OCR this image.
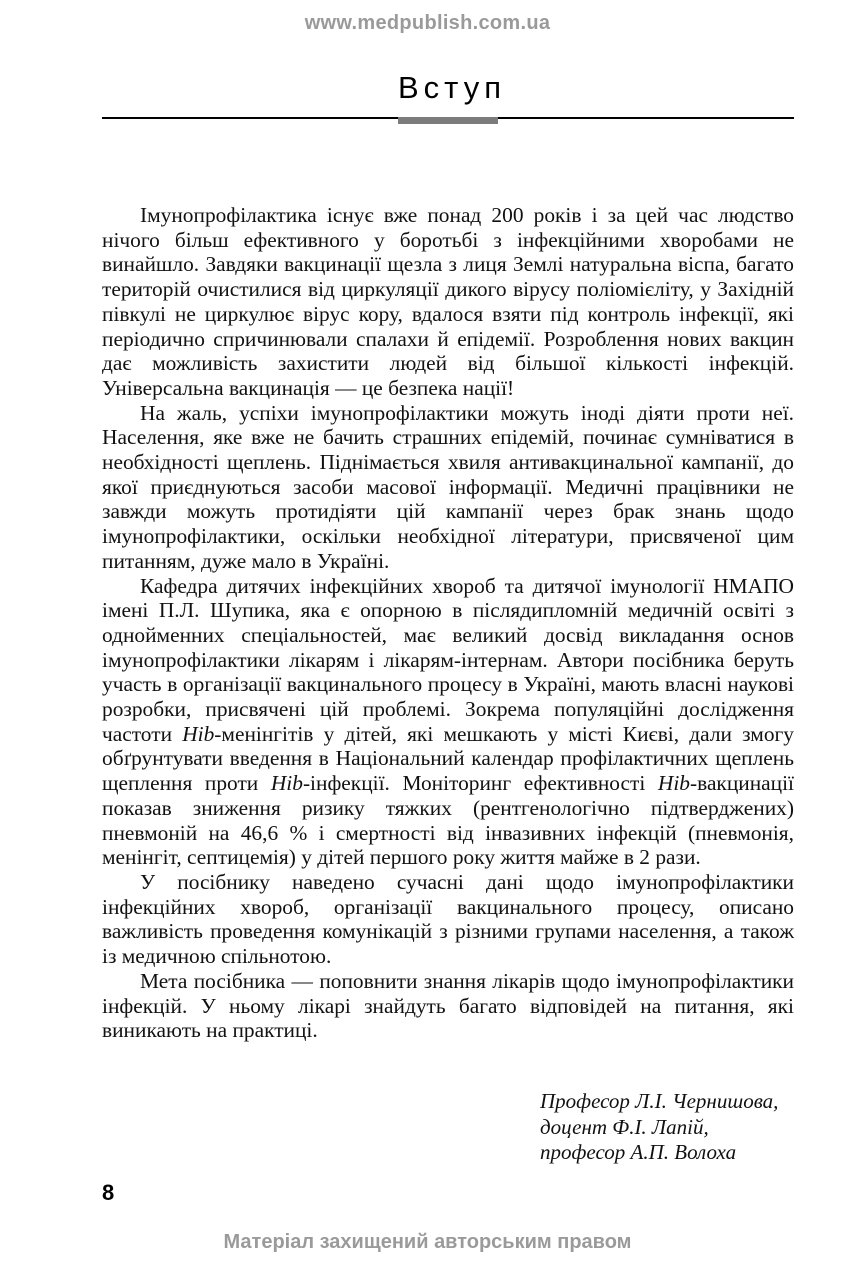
www.medpublish.com.ua
Вступ

Імунопрофілактика існує вже понад 200 років і за цей час людство нічого більш ефективного у боротьбі з інфекційними хворобами не винайшло. Завдяки вакцинації щезла з лиця Землі натуральна віспа, багато територій очистилися від циркуляції дикого вірусу поліомієліту, у Західній півкулі не циркулює вірус кору, вдалося взяти під контроль інфекції, які періодично спричинювали спалахи й епідемії. Розроблення нових вакцин дає можливість захистити людей від більшої кількості інфекцій. Універсальна вакцинація — це безпека нації!

На жаль, успіхи імунопрофілактики можуть іноді діяти проти неї. Населення, яке вже не бачить страшних епідемій, починає сумніватися в необхідності щеплень. Піднімається хвиля антивакцинальної кампанії, до якої приєднуються засоби масової інформації. Медичні працівники не завжди можуть протидіяти цій кампанії через брак знань щодо імунопрофілактики, оскільки необхідної літератури, присвяченої цим питанням, дуже мало в Україні.

Кафедра дитячих інфекційних хвороб та дитячої імунології НМАПО імені П.Л. Шупика, яка є опорною в післядипломній медичній освіті з однойменних спеціальностей, має великий досвід викладання основ імунопрофілактики лікарям і лікарям-інтернам. Автори посібника беруть участь в організації вакцинального процесу в Україні, мають власні наукові розробки, присвячені цій проблемі. Зокрема популяційні дослідження частоти Hib-менінгітів у дітей, які мешкають у місті Києві, дали змогу обґрунтувати введення в Національний календар профілактичних щеплень щеплення проти Hib-інфекції. Моніторинг ефективності Hib-вакцинації показав зниження ризику тяжких (рентгенологічно підтверджених) пневмоній на 46,6 % і смертності від інвазивних інфекцій (пневмонія, менінгіт, септицемія) у дітей першого року життя майже в 2 рази.

У посібнику наведено сучасні дані щодо імунопрофілактики інфекційних хвороб, організації вакцинального процесу, описано важливість проведення комунікацій з різними групами населення, а також із медичною спільнотою.

Мета посібника — поповнити знання лікарів щодо імунопрофілактики інфекцій. У ньому лікарі знайдуть багато відповідей на питання, які виникають на практиці.

Професор Л.І. Чернишова,
доцент Ф.І. Лапій,
професор А.П. Волоха
8
Матеріал захищений авторським правом
